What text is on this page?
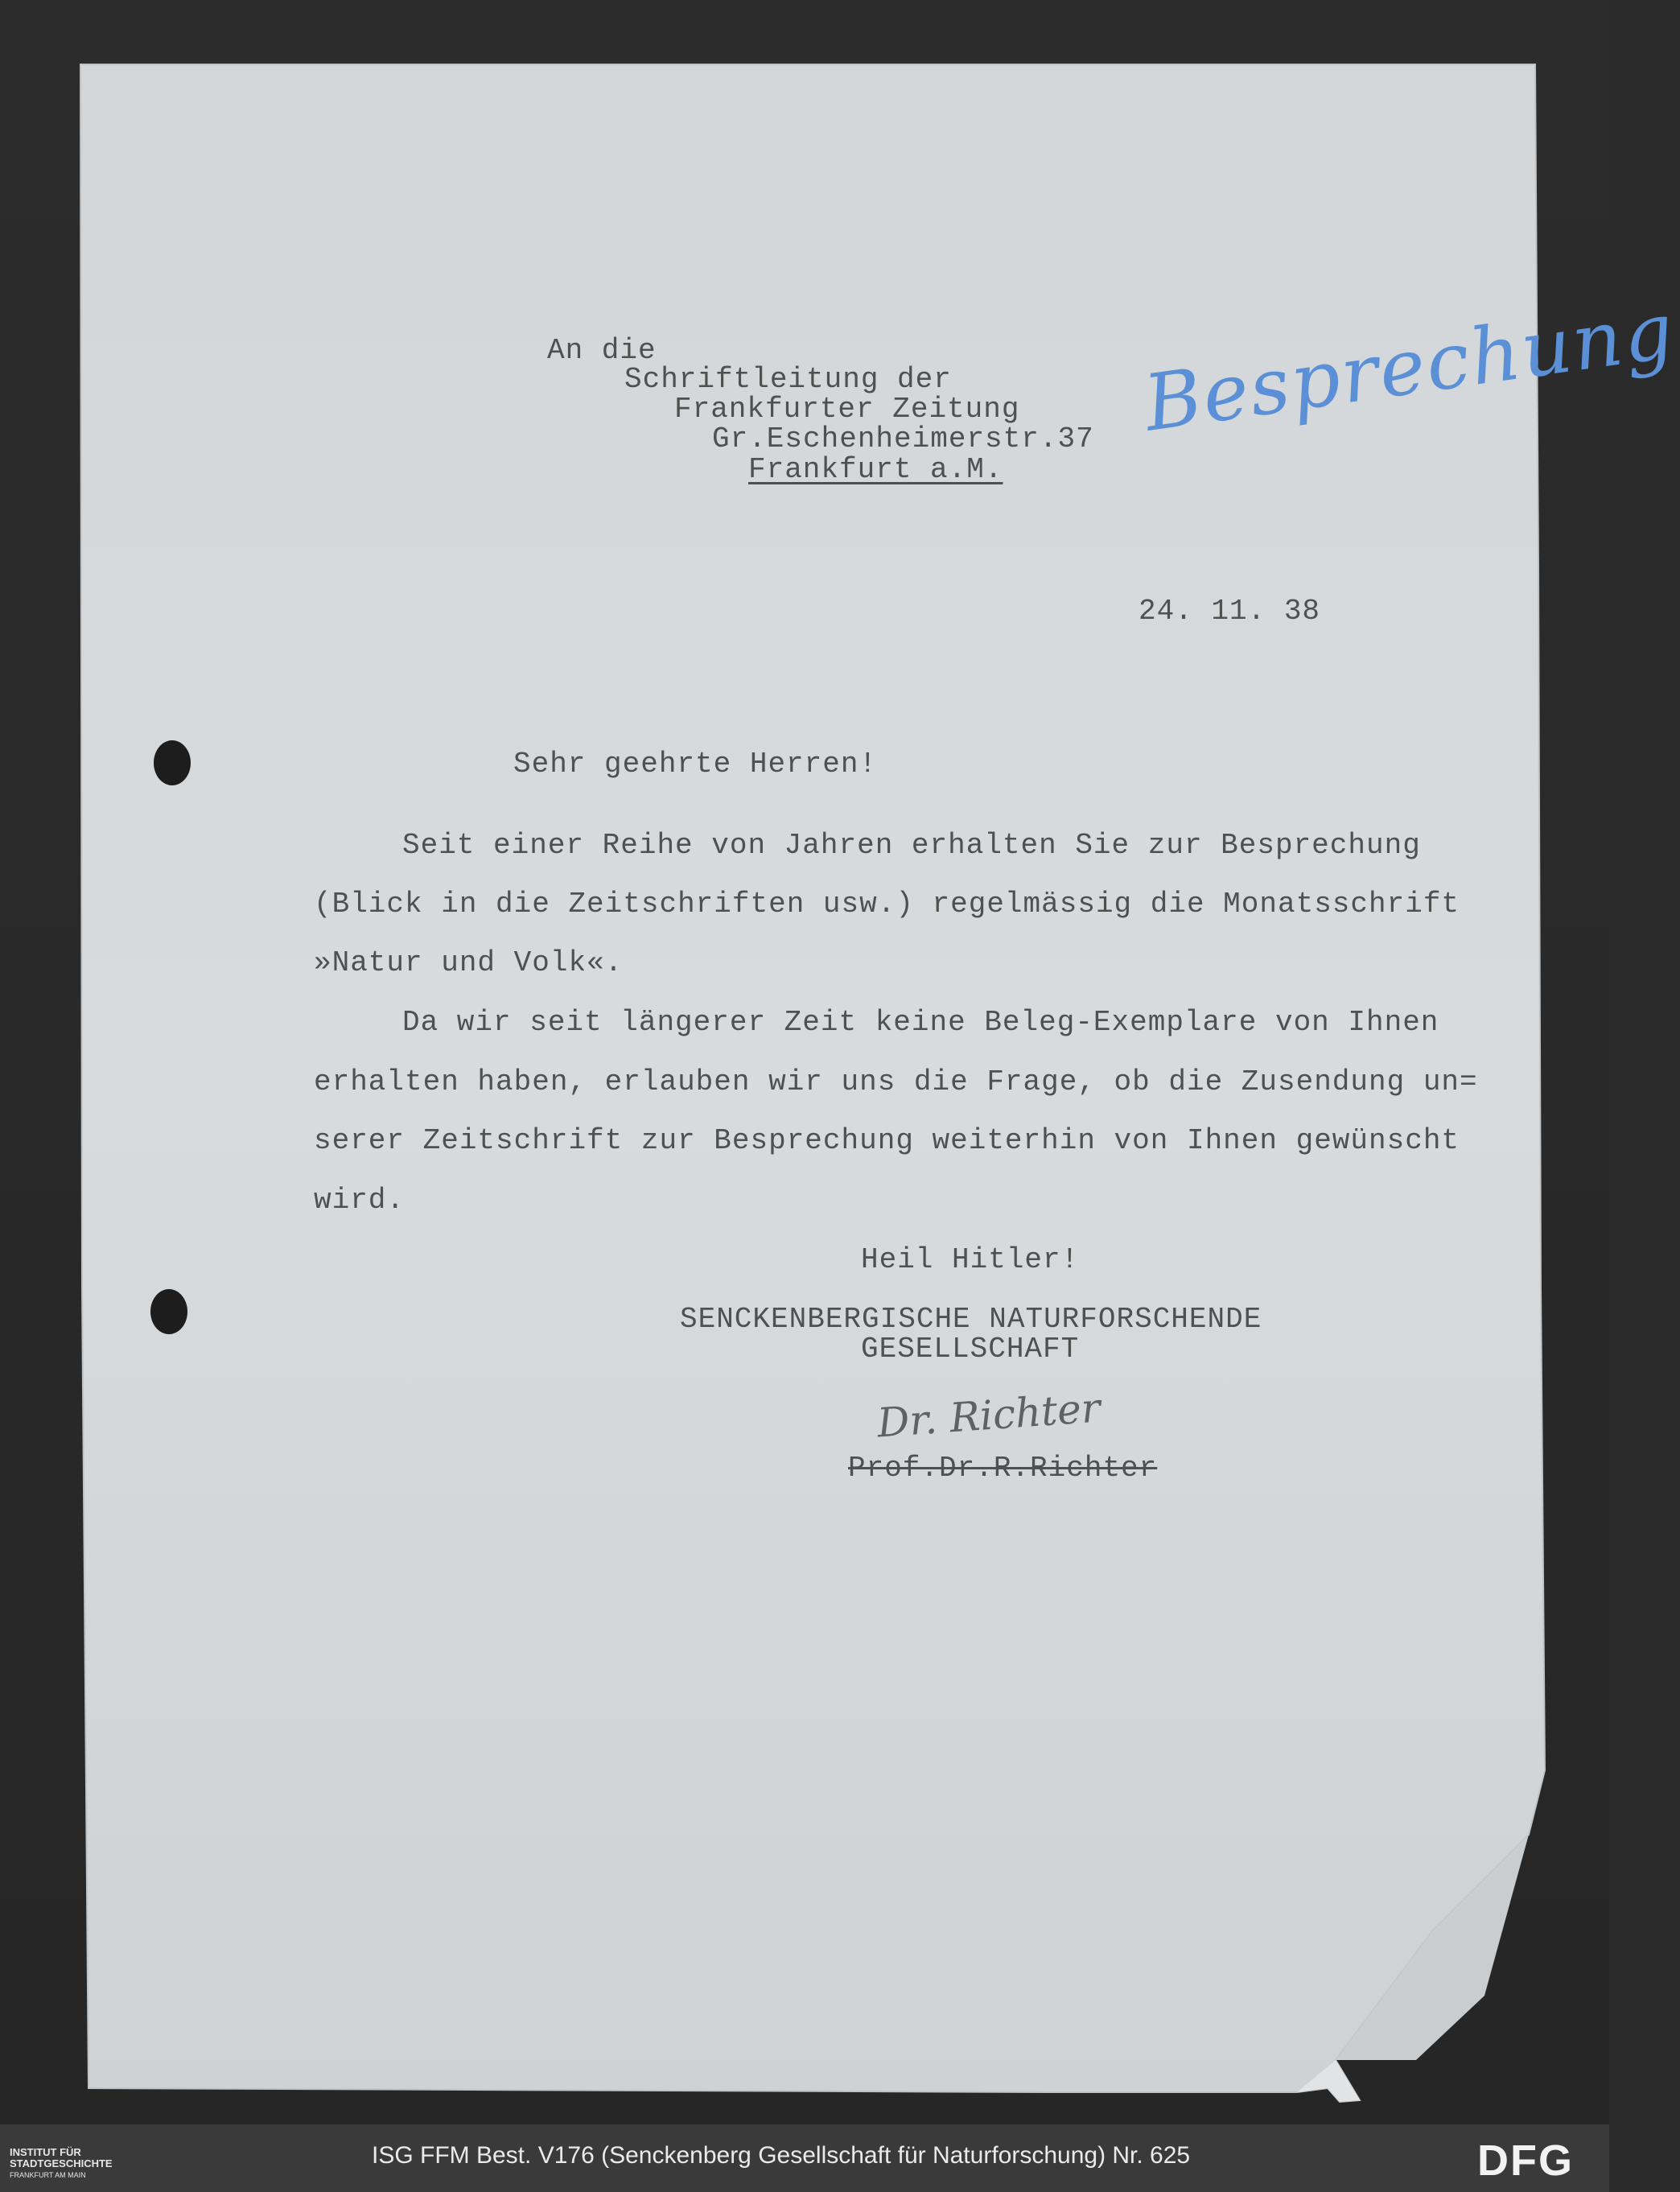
An die
Schriftleitung der
Frankfurter Zeitung
Gr.Eschenheimerstr.37
Frankfurt a.M.
Besprechung
24. 11. 38
Sehr geehrte Herren!
Seit einer Reihe von Jahren erhalten Sie zur Besprechung
(Blick in die Zeitschriften usw.) regelmässig die Monatsschrift
»Natur und Volk«.
Da wir seit längerer Zeit keine Beleg-Exemplare von Ihnen
erhalten haben, erlauben wir uns die Frage, ob die Zusendung un=
serer Zeitschrift zur Besprechung weiterhin von Ihnen gewünscht
wird.
Heil Hitler!
SENCKENBERGISCHE NATURFORSCHENDE
GESELLSCHAFT
Dr. Richter
Prof.Dr.R.Richter
INSTITUT FÜR
STADTGESCHICHTE
FRANKFURT AM MAIN
ISG FFM Best. V176 (Senckenberg Gesellschaft für Naturforschung) Nr. 625	DFG
